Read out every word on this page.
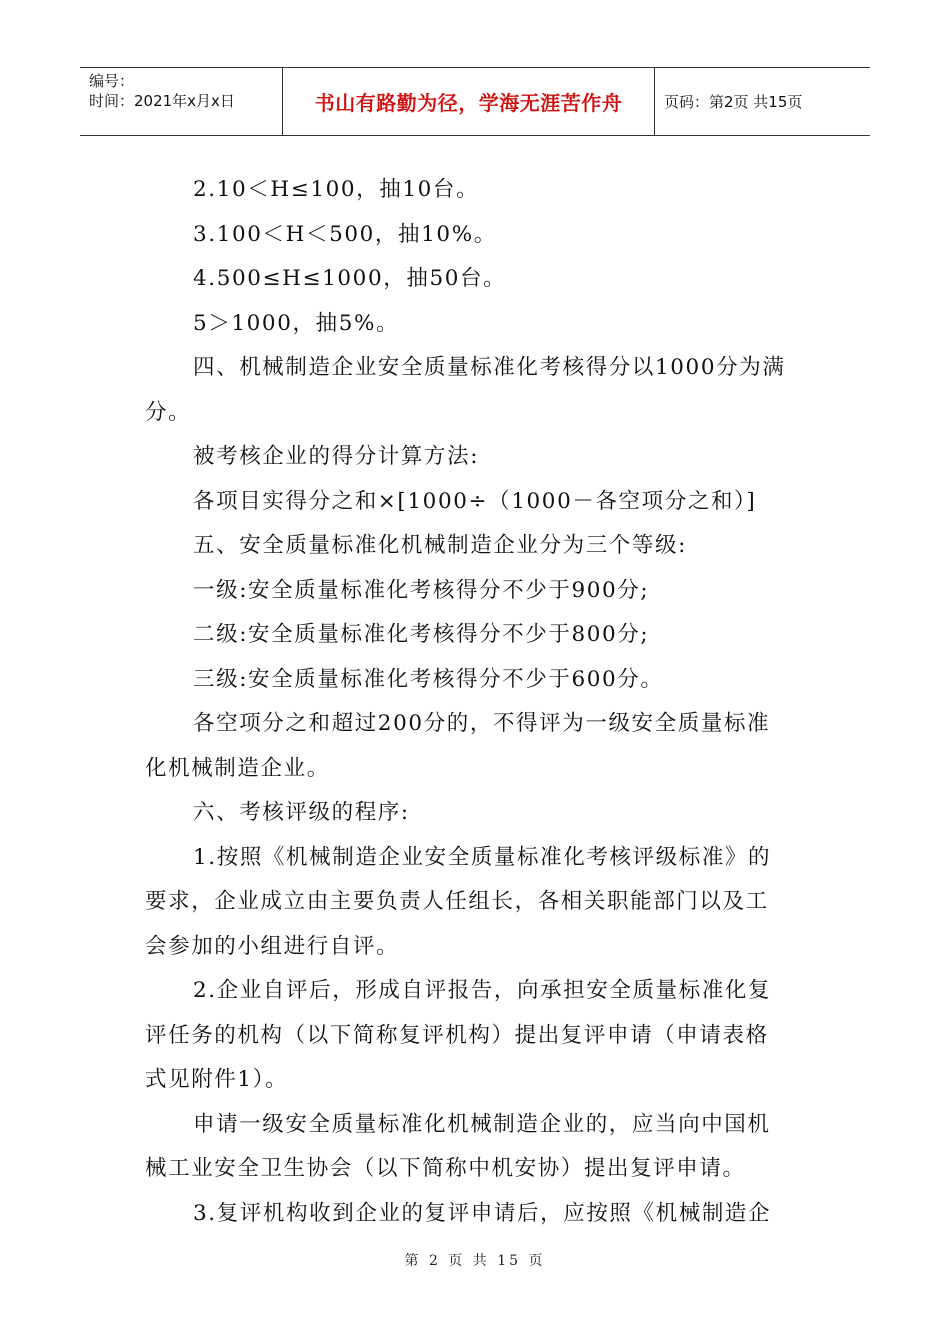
编号：
时间：2021年x月x日	书山有路勤为径，学海无涯苦作舟	页码：第2页 共15页
2.10＜H≤100，抽10台。
3.100＜H＜500，抽10%。
4.500≤H≤1000，抽50台。
5＞1000，抽5%。
四、机械制造企业安全质量标准化考核得分以1000分为满
分。
被考核企业的得分计算方法:
各项目实得分之和×[1000÷（1000－各空项分之和）]
五、安全质量标准化机械制造企业分为三个等级:
一级:安全质量标准化考核得分不少于900分;
二级:安全质量标准化考核得分不少于800分;
三级:安全质量标准化考核得分不少于600分。
各空项分之和超过200分的，不得评为一级安全质量标准
化机械制造企业。
六、考核评级的程序:
1.按照《机械制造企业安全质量标准化考核评级标准》的
要求，企业成立由主要负责人任组长，各相关职能部门以及工
会参加的小组进行自评。
2.企业自评后，形成自评报告，向承担安全质量标准化复
评任务的机构（以下简称复评机构）提出复评申请（申请表格
式见附件1）。
申请一级安全质量标准化机械制造企业的，应当向中国机
械工业安全卫生协会（以下简称中机安协）提出复评申请。
3.复评机构收到企业的复评申请后，应按照《机械制造企
第 2 页 共 15 页
